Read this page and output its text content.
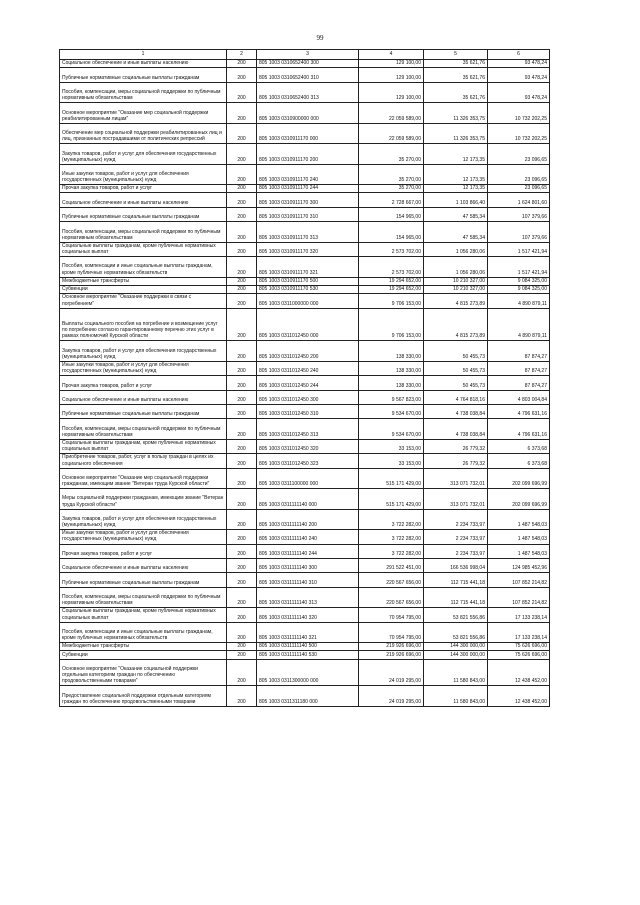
99
1	2	3	4	5	6
Социальное обеспечение и иные выплаты населению	200	805 1003 0310652400 300	129 100,00	35 621,76	93 478,24
Публичные нормативные социальные выплаты гражданам	200	805 1003 0310652400 310	129 100,00	35 621,76	93 478,24
Пособия, компенсации, меры социальной поддержки по публичным нормативным обязательствам	200	805 1003 0310652400 313	129 100,00	35 621,76	93 478,24
Основное мероприятие "Оказание мер социальной поддержки реабилитированным лицам"	200	805 1003 0310900000 000	22 059 589,00	11 326 353,75	10 732 202,25
Обеспечение мер социальной поддержки реабилитированных лиц и лиц, признанных пострадавшими от политических репрессий	200	805 1003 0310911170 000	22 059 589,00	11 326 353,75	10 732 202,25
Закупка товаров, работ и услуг для обеспечения государственных (муниципальных) нужд	200	805 1003 0310911170 200	35 270,00	12 173,35	23 096,65
Иные закупки товаров, работ и услуг для обеспечения государственных (муниципальных) нужд	200	805 1003 0310911170 240	35 270,00	12 173,35	23 096,65
Прочая закупка товаров, работ и услуг	200	805 1003 0310911170 244	35 270,00	12 173,35	23 096,65
Социальное обеспечение и иные выплаты населению	200	805 1003 0310911170 300	2 728 667,00	1 103 866,40	1 624 801,60
Публичные нормативные социальные выплаты гражданам	200	805 1003 0310911170 310	154 965,00	47 585,34	107 379,66
Пособия, компенсации, меры социальной поддержки по публичным нормативным обязательствам	200	805 1003 0310911170 313	154 965,00	47 585,34	107 379,66
Социальные выплаты гражданам, кроме публичных нормативных социальных выплат	200	805 1003 0310911170 320	2 573 702,00	1 056 280,06	1 517 421,94
Пособия, компенсации и иные социальные выплаты гражданам, кроме публичных нормативных обязательств	200	805 1003 0310911170 321	2 573 702,00	1 056 280,06	1 517 421,94
Межбюджетные трансферты	200	805 1003 0310911170 500	19 294 652,00	10 210 327,00	9 084 325,00
Субвенции	200	805 1003 0310911170 530	19 294 652,00	10 210 327,00	9 084 325,00
Основное мероприятие "Оказание поддержки в связи с погребением"	200	805 1003 0311000000 000	9 706 153,00	4 815 273,89	4 890 879,11
Выплаты социального пособия на погребение и возмещение услуг по погребению согласно гарантированному перечню этих услуг в рамках полномочий Курской области	200	805 1003 0311012450 000	9 706 153,00	4 815 273,89	4 890 879,11
Закупка товаров, работ и услуг для обеспечения государственных (муниципальных) нужд	200	805 1003 0311012450 200	138 330,00	50 455,73	87 874,27
Иные закупки товаров, работ и услуг для обеспечения государственных (муниципальных) нужд	200	805 1003 0311012450 240	138 330,00	50 455,73	87 874,27
Прочая закупка товаров, работ и услуг	200	805 1003 0311012450 244	138 330,00	50 455,73	87 874,27
Социальное обеспечение и иные выплаты населению	200	805 1003 0311012450 300	9 567 823,00	4 764 818,16	4 803 004,84
Публичные нормативные социальные выплаты гражданам	200	805 1003 0311012450 310	9 534 670,00	4 738 038,84	4 796 631,16
Пособия, компенсации, меры социальной поддержки по публичным нормативным обязательствам	200	805 1003 0311012450 313	9 534 670,00	4 738 038,84	4 796 631,16
Социальные выплаты гражданам, кроме публичных нормативных социальных выплат	200	805 1003 0311012450 320	33 153,00	26 779,32	6 373,68
Приобретение товаров, работ, услуг в пользу граждан в целях их социального обеспечения	200	805 1003 0311012450 323	33 153,00	26 779,32	6 373,68
Основное мероприятие "Оказание мер социальной поддержки гражданам, имеющим звание "Ветеран труда Курской области"	200	805 1003 0311100000 000	515 171 429,00	313 071 732,01	202 099 696,99
Меры социальной поддержки гражданам, имеющим звание "Ветеран труда Курской области"	200	805 1003 0311111140 000	515 171 429,00	313 071 732,01	202 099 696,99
Закупка товаров, работ и услуг для обеспечения государственных (муниципальных) нужд	200	805 1003 0311111140 200	3 722 282,00	2 234 733,97	1 487 548,03
Иные закупки товаров, работ и услуг для обеспечения государственных (муниципальных) нужд	200	805 1003 0311111140 240	3 722 282,00	2 234 733,97	1 487 548,03
Прочая закупка товаров, работ и услуг	200	805 1003 0311111140 244	3 722 282,00	2 234 733,97	1 487 548,03
Социальное обеспечение и иные выплаты населению	200	805 1003 0311111140 300	291 522 451,00	166 536 998,04	124 985 452,96
Публичные нормативные социальные выплаты гражданам	200	805 1003 0311111140 310	220 567 656,00	112 715 441,18	107 852 214,82
Пособия, компенсации, меры социальной поддержки по публичным нормативным обязательствам	200	805 1003 0311111140 313	220 567 656,00	112 715 441,18	107 852 214,82
Социальные выплаты гражданам, кроме публичных нормативных социальных выплат	200	805 1003 0311111140 320	70 954 795,00	53 821 556,86	17 133 238,14
Пособия, компенсации и иные социальные выплаты гражданам, кроме публичных нормативных обязательств	200	805 1003 0311111140 321	70 954 795,00	53 821 556,86	17 133 238,14
Межбюджетные трансферты	200	805 1003 0311111140 500	219 926 696,00	144 300 000,00	75 626 696,00
Субвенции	200	805 1003 0311111140 530	219 926 696,00	144 300 000,00	75 626 696,00
Основное мероприятие "Оказание социальной поддержки отдельным категориям граждан по обеспечению продовольственными товарами"	200	805 1003 0311300000 000	24 019 295,00	11 580 843,00	12 438 452,00
Предоставление социальной поддержки отдельным категориям граждан по обеспечению продовольственными товарами	200	805 1003 0311311180 000	24 019 295,00	11 580 843,00	12 438 452,00
